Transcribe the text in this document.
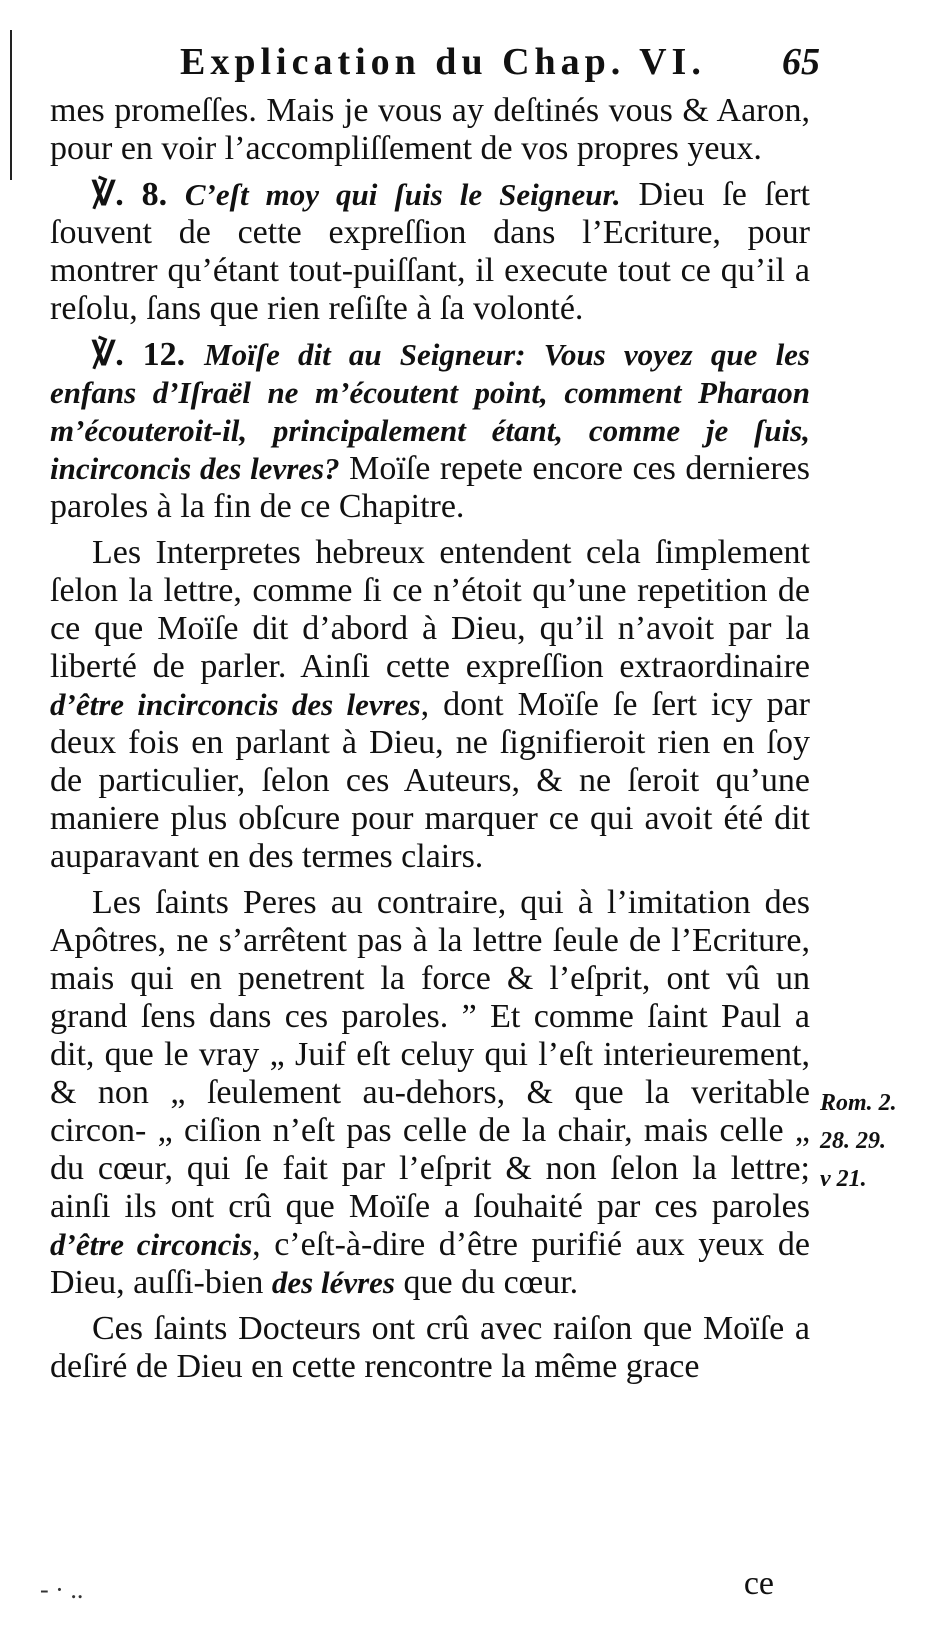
Explication du Chap. VI. 65

mes promeſſes. Mais je vous ay deſtinés vous & Aaron, pour en voir l’accompliſſement de vos propres yeux.

℣. 8. C’eſt moy qui ſuis le Seigneur. Dieu ſe ſert ſouvent de cette expreſſion dans l’Ecriture, pour montrer qu’étant tout-puiſſant, il execute tout ce qu’il a reſolu, ſans que rien reſiſte à ſa volonté.

℣. 12. Moïſe dit au Seigneur: Vous voyez que les enfans d’Iſraël ne m’écoutent point, comment Pharaon m’écouteroit-il, principalement étant, comme je ſuis, incirconcis des levres? Moïſe repete encore ces dernieres paroles à la fin de ce Chapitre.

Les Interpretes hebreux entendent cela ſimplement ſelon la lettre, comme ſi ce n’étoit qu’une repetition de ce que Moïſe dit d’abord à Dieu, qu’il n’avoit par la liberté de parler. Ainſi cette expreſſion extraordinaire d’être incirconcis des levres, dont Moïſe ſe ſert icy par deux fois en parlant à Dieu, ne ſignifieroit rien en ſoy de particulier, ſelon ces Auteurs, & ne ſeroit qu’une maniere plus obſcure pour marquer ce qui avoit été dit auparavant en des termes clairs.

Les ſaints Peres au contraire, qui à l’imitation des Apôtres, ne s’arrêtent pas à la lettre ſeule de l’Ecriture, mais qui en penetrent la force & l’eſprit, ont vû un grand ſens dans ces paroles. ” Et comme ſaint Paul a dit, que le vray „ Juif eſt celuy qui l’eſt interieurement, & non „ ſeulement au-dehors, & que la veritable circon- „ ciſion n’eſt pas celle de la chair, mais celle „ du cœur, qui ſe fait par l’eſprit & non ſelon la lettre; ainſi ils ont crû que Moïſe a ſouhaité par ces paroles d’être circoncis, c’eſt-à-dire d’être purifié aux yeux de Dieu, auſſi-bien des lévres que du cœur.

Ces ſaints Docteurs ont crû avec raiſon que Moïſe a deſiré de Dieu en cette rencontre la même grace

Rom. 2.
28. 29.
v 21.
ce
- · ..
